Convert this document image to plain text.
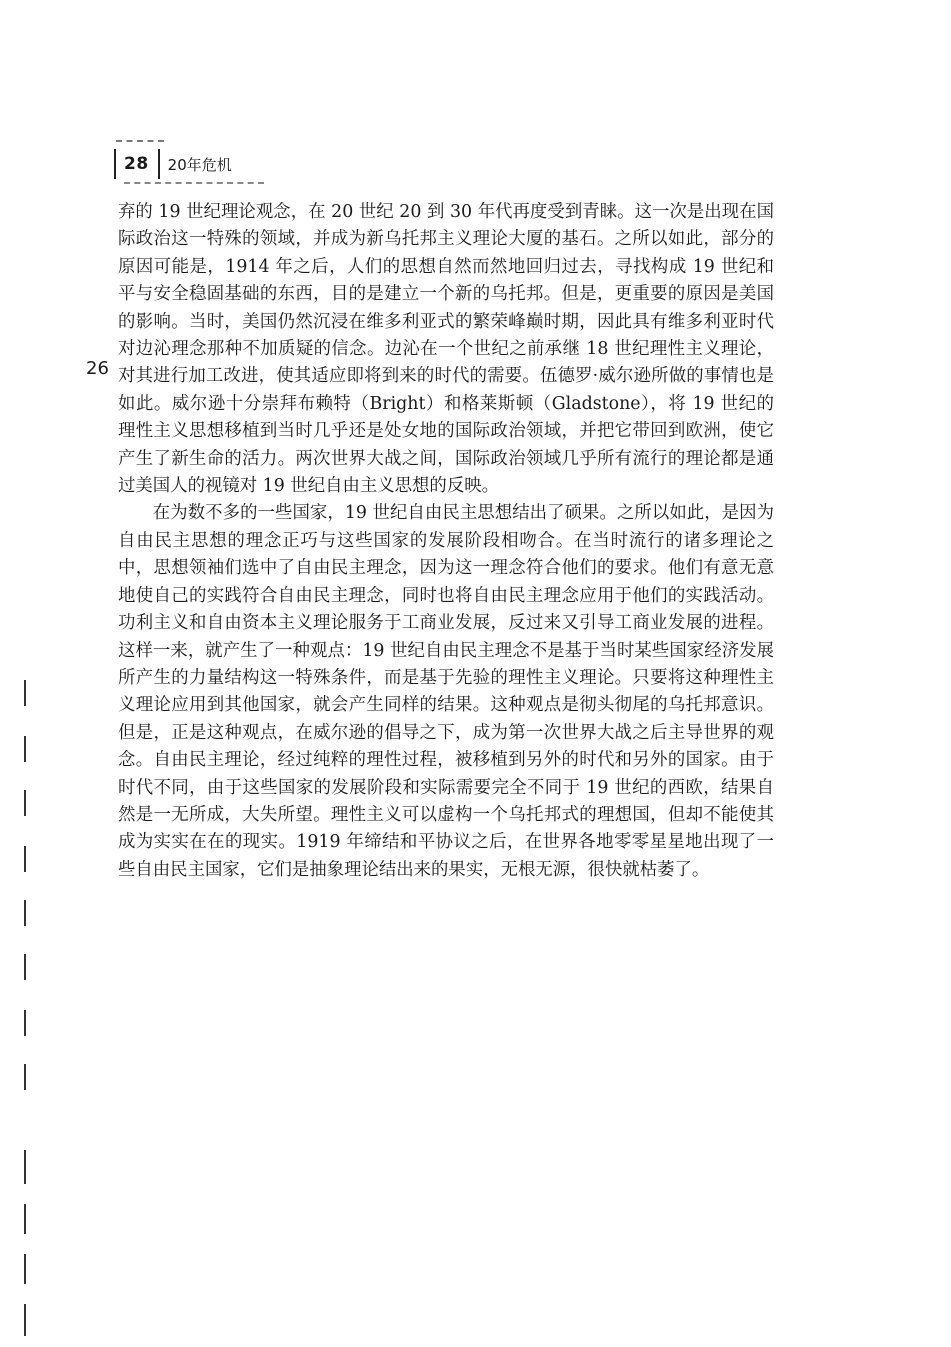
28 20年危机
26

弃的 19 世纪理论观念，在 20 世纪 20 到 30 年代再度受到青睐。这一次是出现在国际政治这一特殊的领域，并成为新乌托邦主义理论大厦的基石。之所以如此，部分的原因可能是，1914 年之后，人们的思想自然而然地回归过去，寻找构成 19 世纪和平与安全稳固基础的东西，目的是建立一个新的乌托邦。但是，更重要的原因是美国的影响。当时，美国仍然沉浸在维多利亚式的繁荣峰巅时期，因此具有维多利亚时代对边沁理念那种不加质疑的信念。边沁在一个世纪之前承继 18 世纪理性主义理论，对其进行加工改进，使其适应即将到来的时代的需要。伍德罗·威尔逊所做的事情也是如此。威尔逊十分崇拜布赖特（Bright）和格莱斯顿（Gladstone），将 19 世纪的理性主义思想移植到当时几乎还是处女地的国际政治领域，并把它带回到欧洲，使它产生了新生命的活力。两次世界大战之间，国际政治领域几乎所有流行的理论都是通过美国人的视镜对 19 世纪自由主义思想的反映。

在为数不多的一些国家，19 世纪自由民主思想结出了硕果。之所以如此，是因为自由民主思想的理念正巧与这些国家的发展阶段相吻合。在当时流行的诸多理论之中，思想领袖们选中了自由民主理念，因为这一理念符合他们的要求。他们有意无意地使自己的实践符合自由民主理念，同时也将自由民主理念应用于他们的实践活动。功利主义和自由资本主义理论服务于工商业发展，反过来又引导工商业发展的进程。这样一来，就产生了一种观点：19 世纪自由民主理念不是基于当时某些国家经济发展所产生的力量结构这一特殊条件，而是基于先验的理性主义理论。只要将这种理性主义理论应用到其他国家，就会产生同样的结果。这种观点是彻头彻尾的乌托邦意识。但是，正是这种观点，在威尔逊的倡导之下，成为第一次世界大战之后主导世界的观念。自由民主理论，经过纯粹的理性过程，被移植到另外的时代和另外的国家。由于时代不同，由于这些国家的发展阶段和实际需要完全不同于 19 世纪的西欧，结果自然是一无所成，大失所望。理性主义可以虚构一个乌托邦式的理想国，但却不能使其成为实实在在的现实。1919 年缔结和平协议之后，在世界各地零零星星地出现了一些自由民主国家，它们是抽象理论结出来的果实，无根无源，很快就枯萎了。
